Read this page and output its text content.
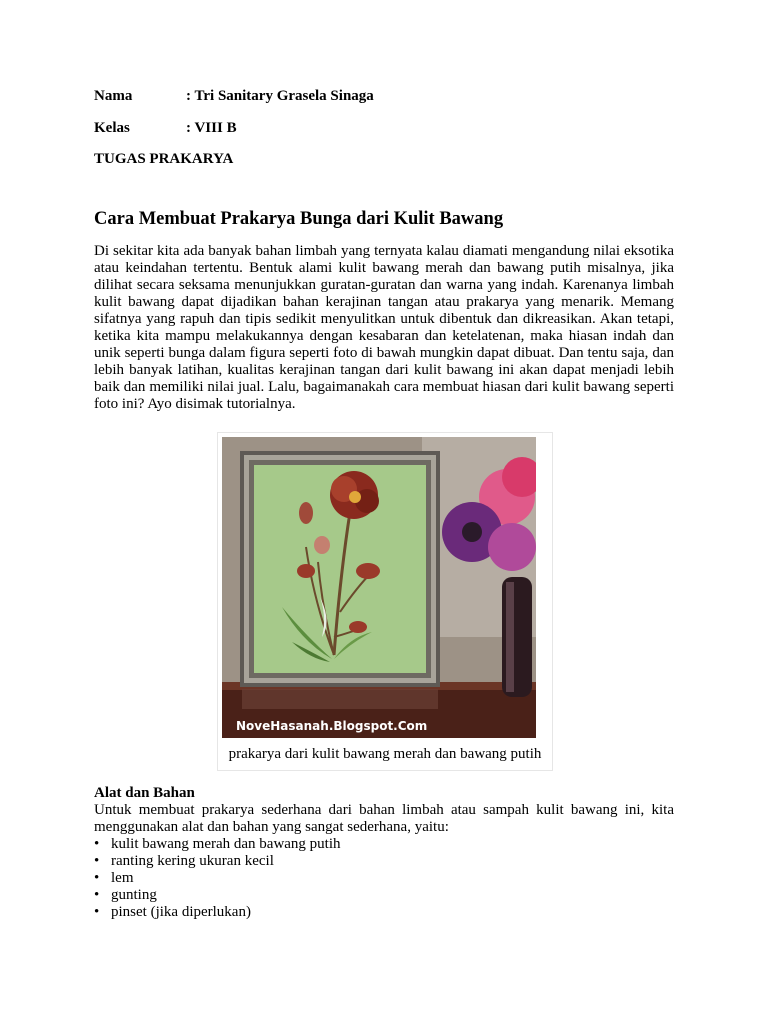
Nama	: Tri Sanitary Grasela Sinaga
Kelas	: VIII B
TUGAS PRAKARYA
Cara Membuat Prakarya Bunga dari Kulit Bawang

Di sekitar kita ada banyak bahan limbah yang ternyata kalau diamati mengandung nilai eksotika atau keindahan tertentu. Bentuk alami kulit bawang merah dan bawang putih misalnya, jika dilihat secara seksama menunjukkan guratan-guratan dan warna yang indah. Karenanya limbah kulit bawang dapat dijadikan bahan kerajinan tangan atau prakarya yang menarik. Memang sifatnya yang rapuh dan tipis sedikit menyulitkan untuk dibentuk dan dikreasikan. Akan tetapi, ketika kita mampu melakukannya dengan kesabaran dan ketelatenan, maka hiasan indah dan unik seperti bunga dalam figura seperti foto di bawah mungkin dapat dibuat. Dan tentu saja, dan lebih banyak latihan, kualitas kerajinan tangan dari kulit bawang ini akan dapat menjadi lebih baik dan memiliki nilai jual. Lalu, bagaimanakah cara membuat hiasan dari kulit bawang seperti foto ini? Ayo disimak tutorialnya.

NoveHasanah.Blogspot.Com
prakarya dari kulit bawang merah dan bawang putih
Alat dan Bahan

Untuk membuat prakarya sederhana dari bahan limbah atau sampah kulit bawang ini, kita menggunakan alat dan bahan yang sangat sederhana, yaitu:

• kulit bawang merah dan bawang putih
• ranting kering ukuran kecil
• lem
• gunting
• pinset (jika diperlukan)
